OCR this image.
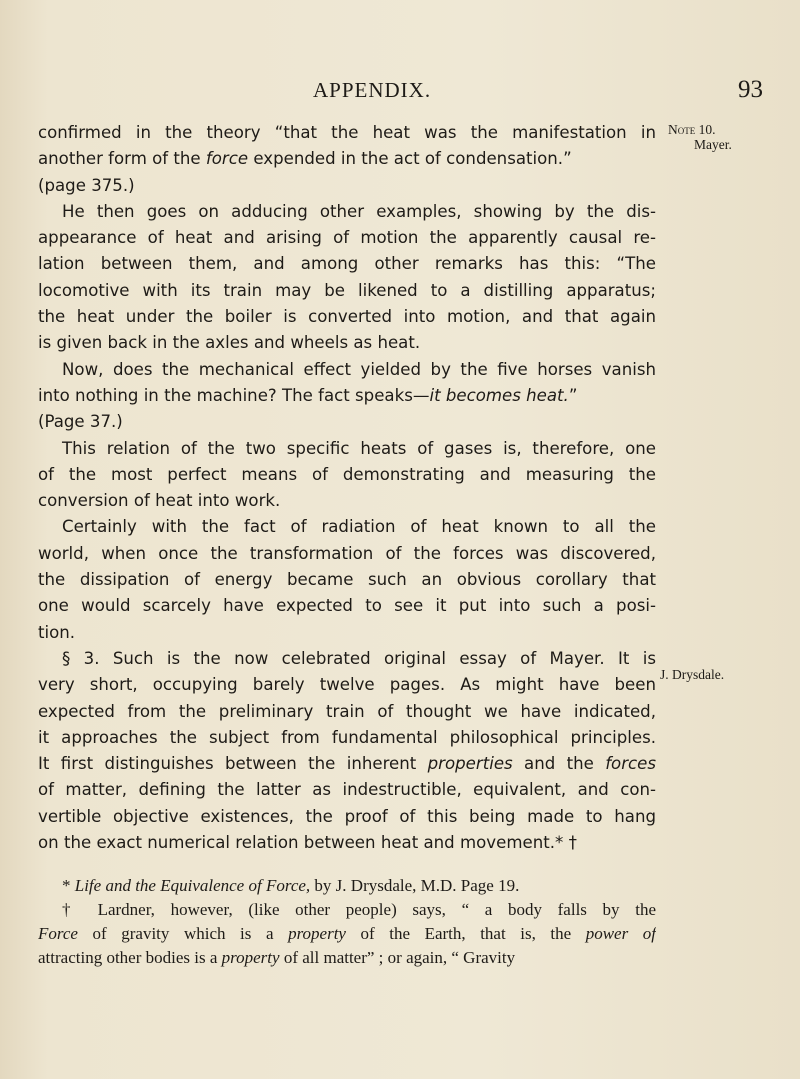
APPENDIX.	93
Note 10.
Mayer.
J. Drysdale.
confirmed in the theory “that the heat was the manifestation in
another form of the force expended in the act of condensation.”
(page 375.)
He then goes on adducing other examples, showing by the dis-
appearance of heat and arising of motion the apparently causal re-
lation between them, and among other remarks has this: “The
locomotive with its train may be likened to a distilling apparatus;
the heat under the boiler is converted into motion, and that again
is given back in the axles and wheels as heat.
Now, does the mechanical effect yielded by the five horses vanish
into nothing in the machine? The fact speaks—it becomes heat.”
(Page 37.)
This relation of the two specific heats of gases is, therefore, one
of the most perfect means of demonstrating and measuring the
conversion of heat into work.
Certainly with the fact of radiation of heat known to all the
world, when once the transformation of the forces was discovered,
the dissipation of energy became such an obvious corollary that
one would scarcely have expected to see it put into such a posi-
tion.
§ 3. Such is the now celebrated original essay of Mayer. It is
very short, occupying barely twelve pages. As might have been
expected from the preliminary train of thought we have indicated,
it approaches the subject from fundamental philosophical principles.
It first distinguishes between the inherent properties and the forces
of matter, defining the latter as indestructible, equivalent, and con-
vertible objective existences, the proof of this being made to hang
on the exact numerical relation between heat and movement.* †
* Life and the Equivalence of Force, by J. Drysdale, M.D. Page 19.
† Lardner, however, (like other people) says, “ a body falls by the
Force of gravity which is a property of the Earth, that is, the power of
attracting other bodies is a property of all matter” ; or again, “ Gravity
